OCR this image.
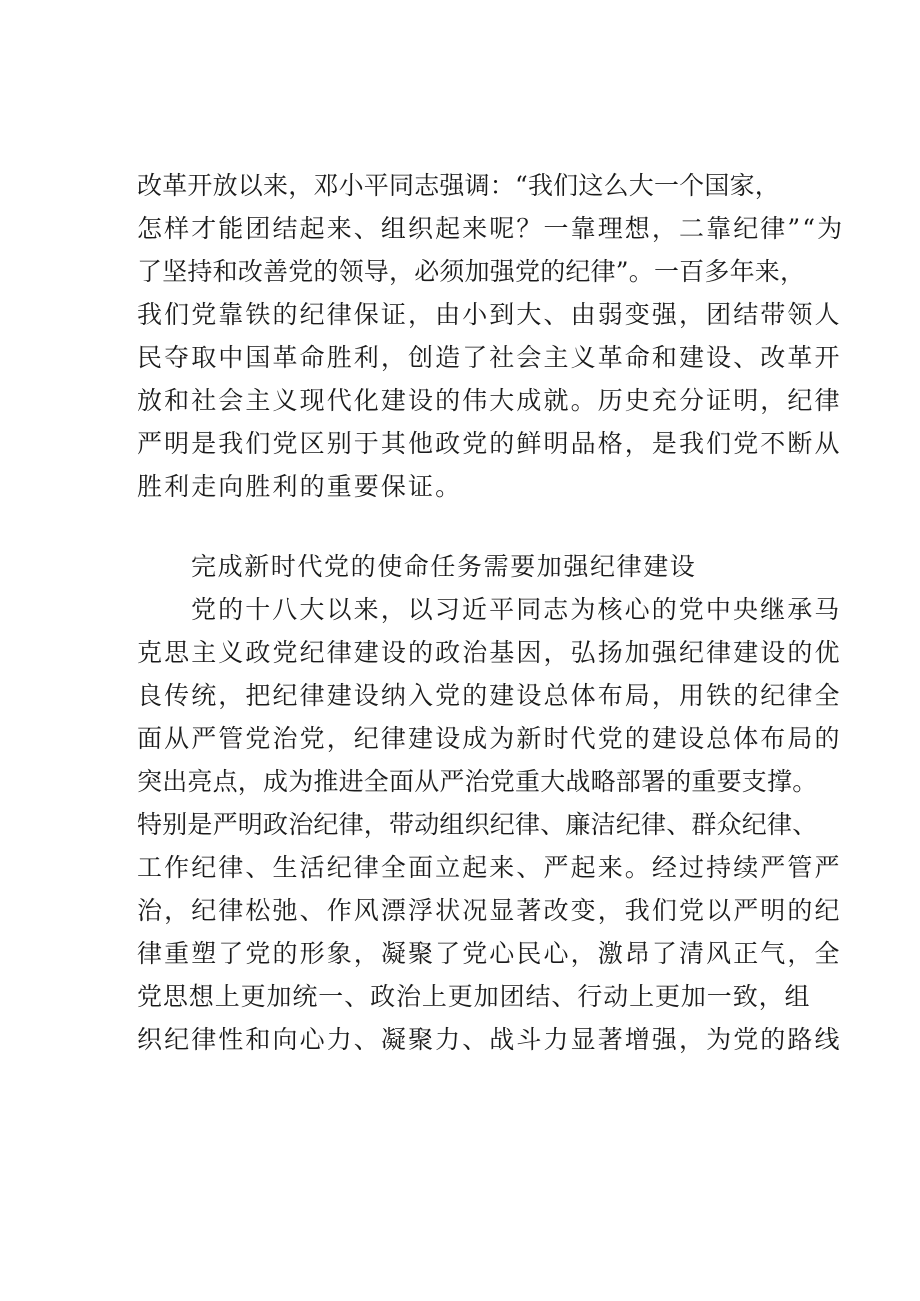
改革开放以来，邓小平同志强调：“我们这么大一个国家，
怎样才能团结起来、组织起来呢？一靠理想，二靠纪律”“为
了坚持和改善党的领导，必须加强党的纪律”。一百多年来，
我们党靠铁的纪律保证，由小到大、由弱变强，团结带领人
民夺取中国革命胜利，创造了社会主义革命和建设、改革开
放和社会主义现代化建设的伟大成就。历史充分证明，纪律
严明是我们党区别于其他政党的鲜明品格，是我们党不断从
胜利走向胜利的重要保证。
完成新时代党的使命任务需要加强纪律建设
党的十八大以来，以习近平同志为核心的党中央继承马
克思主义政党纪律建设的政治基因，弘扬加强纪律建设的优
良传统，把纪律建设纳入党的建设总体布局，用铁的纪律全
面从严管党治党，纪律建设成为新时代党的建设总体布局的
突出亮点，成为推进全面从严治党重大战略部署的重要支撑。
特别是严明政治纪律，带动组织纪律、廉洁纪律、群众纪律、
工作纪律、生活纪律全面立起来、严起来。经过持续严管严
治，纪律松弛、作风漂浮状况显著改变，我们党以严明的纪
律重塑了党的形象，凝聚了党心民心，激昂了清风正气，全
党思想上更加统一、政治上更加团结、行动上更加一致，组
织纪律性和向心力、凝聚力、战斗力显著增强，为党的路线
